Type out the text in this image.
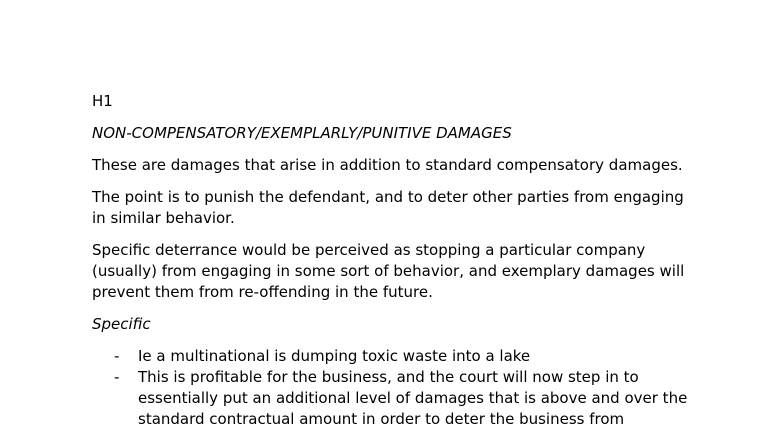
H1
NON-COMPENSATORY/EXEMPLARLY/PUNITIVE DAMAGES
These are damages that arise in addition to standard compensatory damages.
The point is to punish the defendant, and to deter other parties from engaging in similar behavior.
Specific deterrance would be perceived as stopping a particular company (usually) from engaging in some sort of behavior, and exemplary damages will prevent them from re-offending in the future.
Specific
- Ie a multinational is dumping toxic waste into a lake
- This is profitable for the business, and the court will now step in to essentially put an additional level of damages that is above and over the standard contractual amount in order to deter the business from
